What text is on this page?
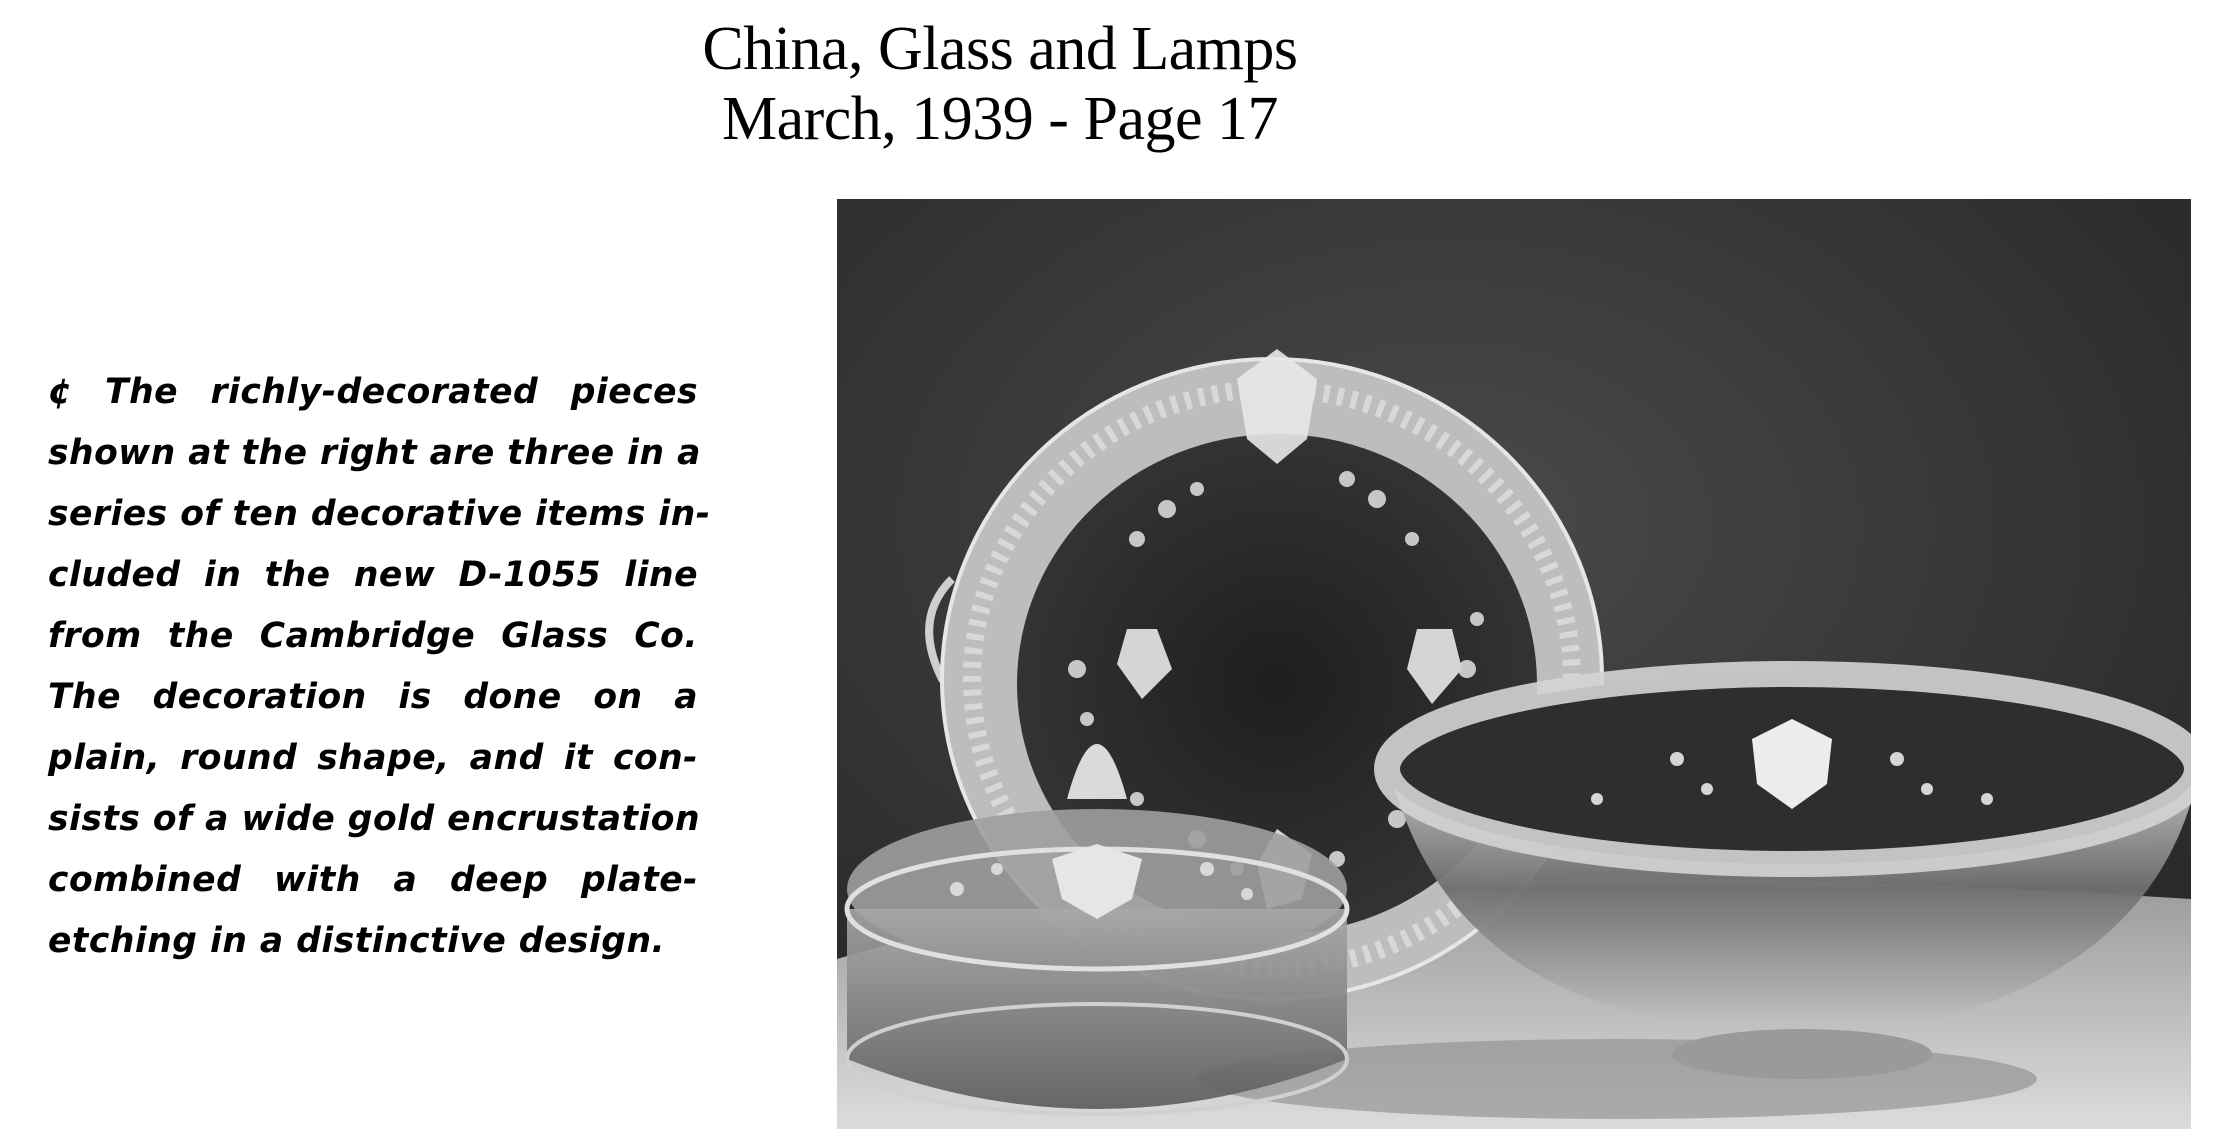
China, Glass and Lamps
March, 1939 - Page 17
¢ The richly-decorated pieces
shown at the right are three in a
series of ten decorative items in-
cluded in the new D-1055 line
from the Cambridge Glass Co.
The decoration is done on a
plain, round shape, and it con-
sists of a wide gold encrustation
combined with a deep plate-
etching in a distinctive design.
